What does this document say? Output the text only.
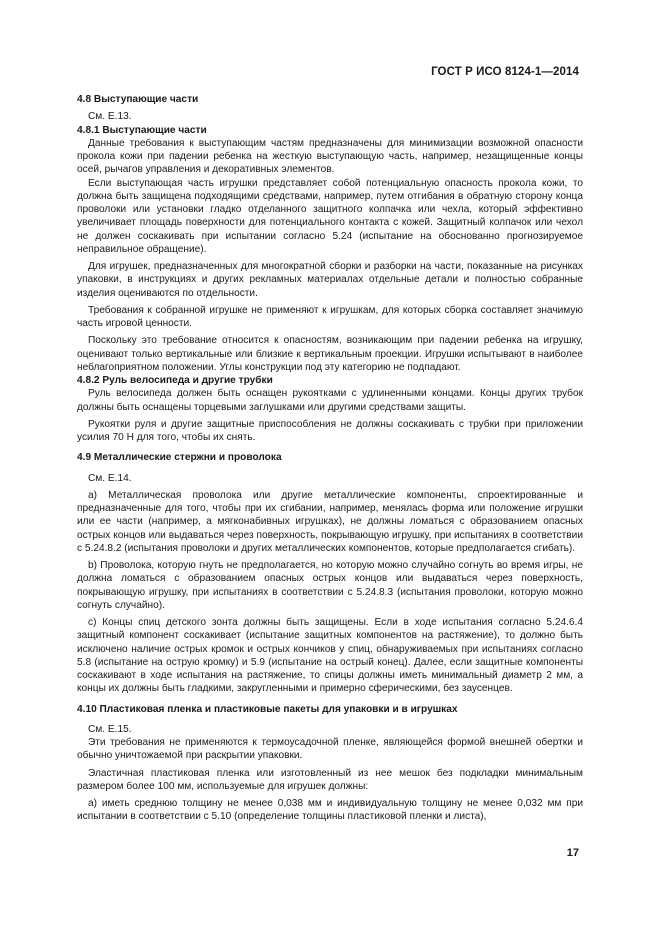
ГОСТ Р ИСО 8124-1—2014
4.8 Выступающие части

См. Е.13.

4.8.1 Выступающие части

Данные требования к выступающим частям предназначены для минимизации возможной опасности прокола кожи при падении ребенка на жесткую выступающую часть, например, незащищенные концы осей, рычагов управления и декоративных элементов.

Если выступающая часть игрушки представляет собой потенциальную опасность прокола кожи, то должна быть защищена подходящими средствами, например, путем отгибания в обратную сторону конца проволоки или установки гладко отделанного защитного колпачка или чехла, который эффективно увеличивает площадь поверхности для потенциального контакта с кожей. Защитный колпачок или чехол не должен соскакивать при испытании согласно 5.24 (испытание на обоснованно прогнозируемое неправильное обращение).

Для игрушек, предназначенных для многократной сборки и разборки на части, показанные на рисунках упаковки, в инструкциях и других рекламных материалах отдельные детали и полностью собранные изделия оцениваются по отдельности.

Требования к собранной игрушке не применяют к игрушкам, для которых сборка составляет значимую часть игровой ценности.

Поскольку это требование относится к опасностям, возникающим при падении ребенка на игрушку, оценивают только вертикальные или близкие к вертикальным проекции. Игрушки испытывают в наиболее неблагоприятном положении. Углы конструкции под эту категорию не подпадают.

4.8.2 Руль велосипеда и другие трубки

Руль велосипеда должен быть оснащен рукоятками с удлиненными концами. Концы других трубок должны быть оснащены торцевыми заглушками или другими средствами защиты.

Рукоятки руля и другие защитные приспособления не должны соскакивать с трубки при приложении усилия 70 Н для того, чтобы их снять.

4.9 Металлические стержни и проволока

См. Е.14.

а) Металлическая проволока или другие металлические компоненты, спроектированные и предназначенные для того, чтобы при их сгибании, например, менялась форма или положение игрушки или ее части (например, а мягконабивных игрушках), не должны ломаться с образованием опасных острых концов или выдаваться через поверхность, покрывающую игрушку, при испытаниях в соответствии с 5.24.8.2 (испытания проволоки и других металлических компонентов, которые предполагается сгибать).

b) Проволока, которую гнуть не предполагается, но которую можно случайно согнуть во время игры, не должна ломаться с образованием опасных острых концов или выдаваться через поверхность, покрывающую игрушку, при испытаниях в соответствии с 5.24.8.3 (испытания проволоки, которую можно согнуть случайно).

с) Концы спиц детского зонта должны быть защищены. Если в ходе испытания согласно 5.24.6.4 защитный компонент соскакивает (испытание защитных компонентов на растяжение), то должно быть исключено наличие острых кромок и острых кончиков у спиц, обнаруживаемых при испытаниях согласно 5.8 (испытание на острую кромку) и 5.9 (испытание на острый конец). Далее, если защитные компоненты соскакивают в ходе испытания на растяжение, то спицы должны иметь минимальный диаметр 2 мм, а концы их должны быть гладкими, закругленными и примерно сферическими, без заусенцев.

4.10 Пластиковая пленка и пластиковые пакеты для упаковки и в игрушках

См. Е.15.

Эти требования не применяются к термоусадочной пленке, являющейся формой внешней обертки и обычно уничтожаемой при раскрытии упаковки.

Эластичная пластиковая пленка или изготовленный из нее мешок без подкладки минимальным размером более 100 мм, используемые для игрушек должны:

а) иметь среднюю толщину не менее 0,038 мм и индивидуальную толщину не менее 0,032 мм при испытании в соответствии с 5.10 (определение толщины пластиковой пленки и листа),

17
